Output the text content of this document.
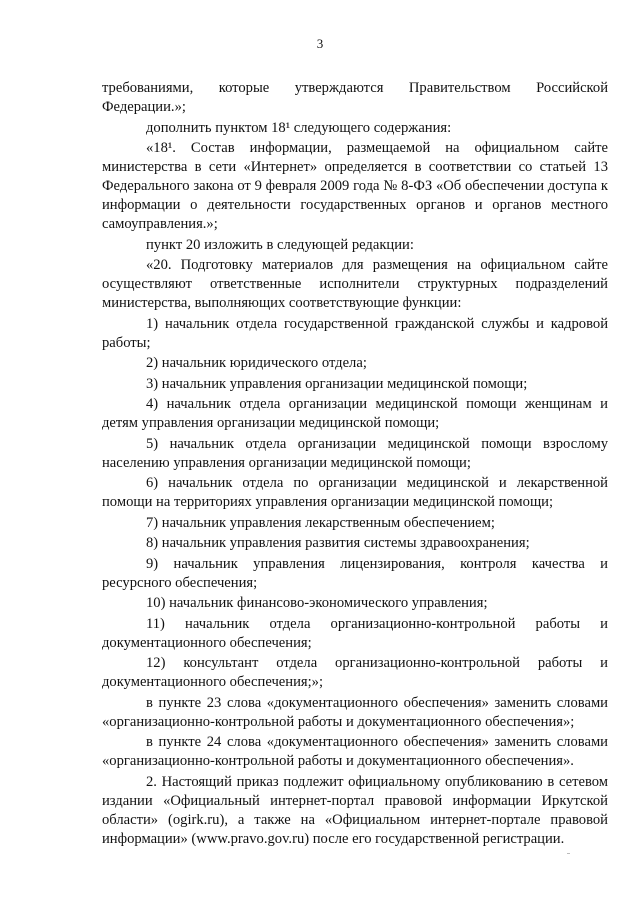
3

требованиями, которые утверждаются Правительством Российской Федерации.»;

дополнить пунктом 18¹ следующего содержания:

«18¹. Состав информации, размещаемой на официальном сайте министерства в сети «Интернет» определяется в соответствии со статьей 13 Федерального закона от 9 февраля 2009 года № 8-ФЗ «Об обеспечении доступа к информации о деятельности государственных органов и органов местного самоуправления.»;

пункт 20 изложить в следующей редакции:

«20. Подготовку материалов для размещения на официальном сайте осуществляют ответственные исполнители структурных подразделений министерства, выполняющих соответствующие функции:

1) начальник отдела государственной гражданской службы и кадровой работы;

2) начальник юридического отдела;

3) начальник управления организации медицинской помощи;

4) начальник отдела организации медицинской помощи женщинам и детям управления организации медицинской помощи;

5) начальник отдела организации медицинской помощи взрослому населению управления организации медицинской помощи;

6) начальник отдела по организации медицинской и лекарственной помощи на территориях управления организации медицинской помощи;

7) начальник управления лекарственным обеспечением;

8) начальник управления развития системы здравоохранения;

9) начальник управления лицензирования, контроля качества и ресурсного обеспечения;

10) начальник финансово-экономического управления;

11) начальник отдела организационно-контрольной работы и документационного обеспечения;

12) консультант отдела организационно-контрольной работы и документационного обеспечения;»;

в пункте 23 слова «документационного обеспечения» заменить словами «организационно-контрольной работы и документационного обеспечения»;

в пункте 24 слова «документационного обеспечения» заменить словами «организационно-контрольной работы и документационного обеспечения».

2. Настоящий приказ подлежит официальному опубликованию в сетевом издании «Официальный интернет-портал правовой информации Иркутской области» (ogirk.ru), а также на «Официальном интернет-портале правовой информации» (www.pravo.gov.ru) после его государственной регистрации.
